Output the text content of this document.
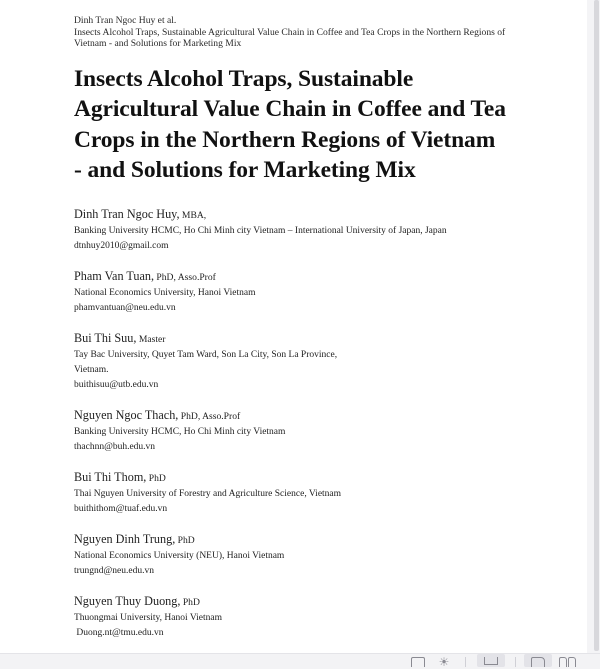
Dinh Tran Ngoc Huy et al.
Insects Alcohol Traps, Sustainable Agricultural Value Chain in Coffee and Tea Crops in the Northern Regions of
Vietnam - and Solutions for Marketing Mix
Insects Alcohol Traps, Sustainable
Agricultural Value Chain in Coffee and Tea
Crops in the Northern Regions of Vietnam
- and Solutions for Marketing Mix
Dinh Tran Ngoc Huy, MBA,
Banking University HCMC, Ho Chi Minh city Vietnam – International University of Japan, Japan
dtnhuy2010@gmail.com
Pham Van Tuan, PhD, Asso.Prof
National Economics University, Hanoi Vietnam
phamvantuan@neu.edu.vn
Bui Thi Suu, Master
Tay Bac University, Quyet Tam Ward, Son La City, Son La Province,
Vietnam.
buithisuu@utb.edu.vn
Nguyen Ngoc Thach, PhD, Asso.Prof
Banking University HCMC, Ho Chi Minh city Vietnam
thachnn@buh.edu.vn
Bui Thi Thom, PhD
Thai Nguyen University of Forestry and Agriculture Science, Vietnam
buithithom@tuaf.edu.vn
Nguyen Dinh Trung, PhD
National Economics University (NEU), Hanoi Vietnam
trungnd@neu.edu.vn
Nguyen Thuy Duong, PhD
Thuongmai University, Hanoi Vietnam
Duong.nt@tmu.edu.vn
☀
